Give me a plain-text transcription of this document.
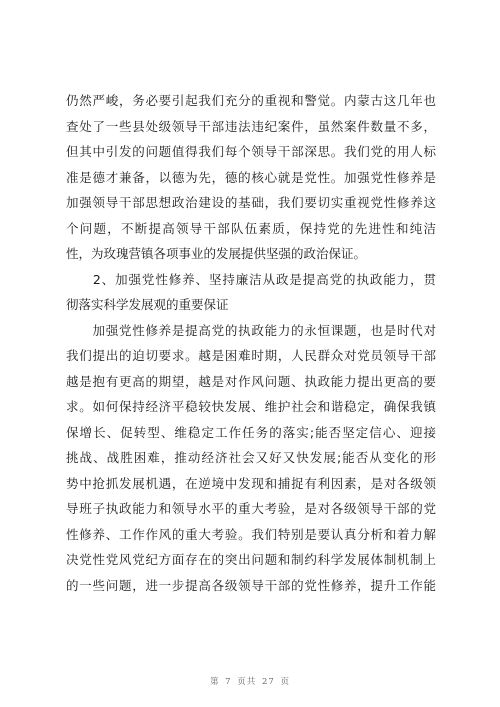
仍然严峻，务必要引起我们充分的重视和警觉。内蒙古这几年也
查处了一些县处级领导干部违法违纪案件，虽然案件数量不多，
但其中引发的问题值得我们每个领导干部深思。我们党的用人标
准是德才兼备，以德为先，德的核心就是党性。加强党性修养是
加强领导干部思想政治建设的基础，我们要切实重视党性修养这
个问题，不断提高领导干部队伍素质，保持党的先进性和纯洁
性，为玫瑰营镇各项事业的发展提供坚强的政治保证。
　　2、加强党性修养、坚持廉洁从政是提高党的执政能力，贯
彻落实科学发展观的重要保证
　　加强党性修养是提高党的执政能力的永恒课题，也是时代对
我们提出的迫切要求。越是困难时期，人民群众对党员领导干部
越是抱有更高的期望，越是对作风问题、执政能力提出更高的要
求。如何保持经济平稳较快发展、维护社会和谐稳定，确保我镇
保增长、促转型、维稳定工作任务的落实;能否坚定信心、迎接
挑战、战胜困难，推动经济社会又好又快发展;能否从变化的形
势中抢抓发展机遇，在逆境中发现和捕捉有利因素，是对各级领
导班子执政能力和领导水平的重大考验，是对各级领导干部的党
性修养、工作作风的重大考验。我们特别是要认真分析和着力解
决党性党风党纪方面存在的突出问题和制约科学发展体制机制上
的一些问题，进一步提高各级领导干部的党性修养，提升工作能
第 7 页共 27 页
